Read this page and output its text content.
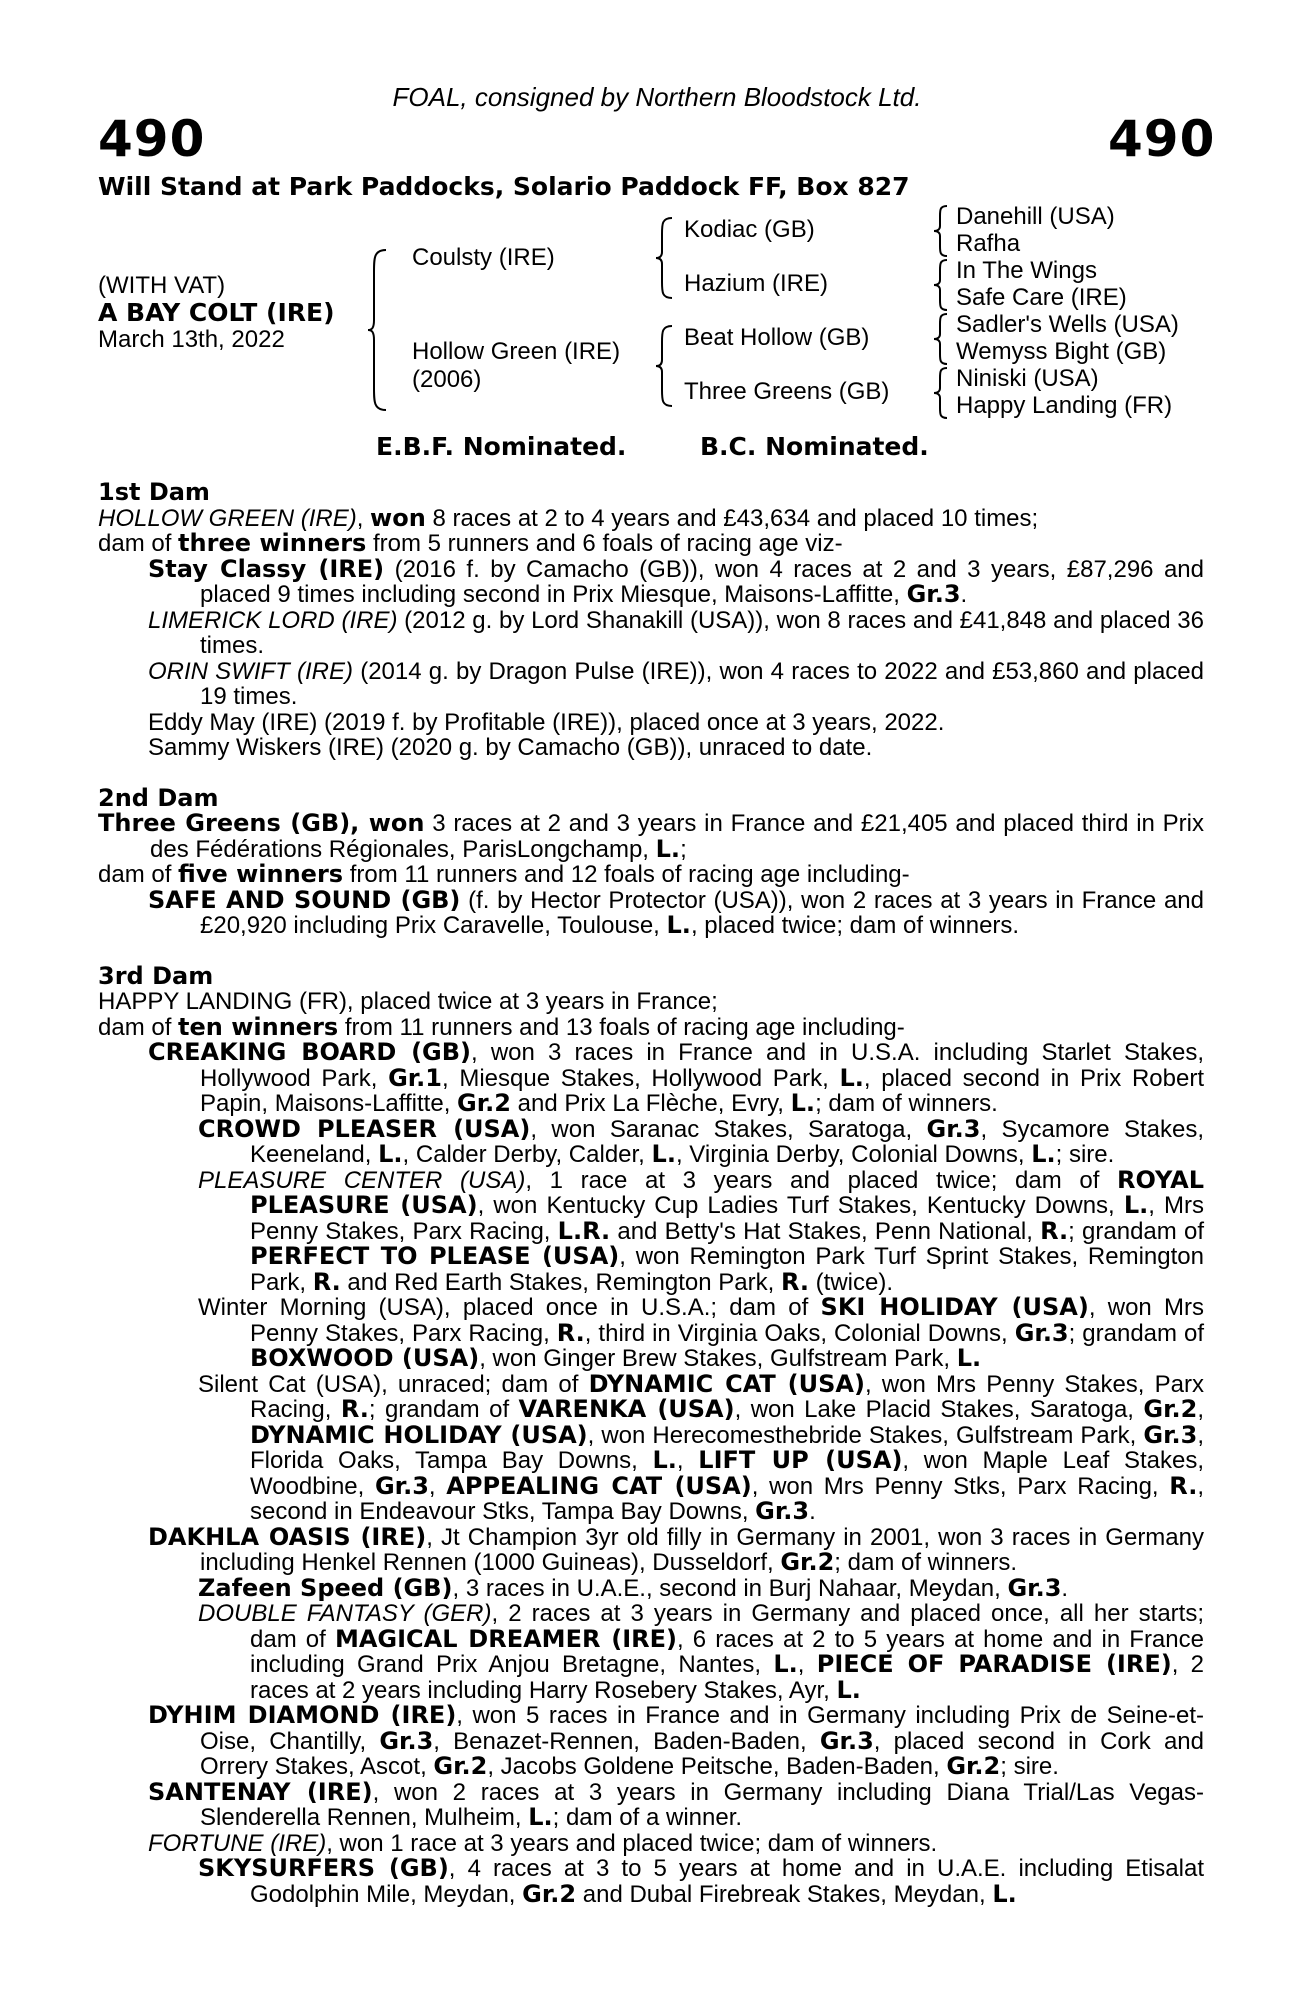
FOAL, consigned by Northern Bloodstock Ltd.
490	490
Will Stand at Park Paddocks, Solario Paddock FF, Box 827
(WITH VAT)
A BAY COLT (IRE)
March 13th, 2022
Coulsty (IRE)
Hollow Green (IRE)
(2006)
Kodiac (GB)
Hazium (IRE)
Beat Hollow (GB)
Three Greens (GB)
Danehill (USA)
Rafha
In The Wings
Safe Care (IRE)
Sadler's Wells (USA)
Wemyss Bight (GB)
Niniski (USA)
Happy Landing (FR)
E.B.F. Nominated.	B.C. Nominated.

1st Dam

HOLLOW GREEN (IRE), won 8 races at 2 to 4 years and £43,634 and placed 10 times;

dam of three winners from 5 runners and 6 foals of racing age viz-

Stay Classy (IRE) (2016 f. by Camacho (GB)), won 4 races at 2 and 3 years, £87,296 and placed 9 times including second in Prix Miesque, Maisons-Laffitte, Gr.3.

LIMERICK LORD (IRE) (2012 g. by Lord Shanakill (USA)), won 8 races and £41,848 and placed 36 times.

ORIN SWIFT (IRE) (2014 g. by Dragon Pulse (IRE)), won 4 races to 2022 and £53,860 and placed 19 times.

Eddy May (IRE) (2019 f. by Profitable (IRE)), placed once at 3 years, 2022.

Sammy Wiskers (IRE) (2020 g. by Camacho (GB)), unraced to date.

2nd Dam

Three Greens (GB), won 3 races at 2 and 3 years in France and £21,405 and placed third in Prix des Fédérations Régionales, ParisLongchamp, L.;

dam of five winners from 11 runners and 12 foals of racing age including-

SAFE AND SOUND (GB) (f. by Hector Protector (USA)), won 2 races at 3 years in France and £20,920 including Prix Caravelle, Toulouse, L., placed twice; dam of winners.

3rd Dam

HAPPY LANDING (FR), placed twice at 3 years in France;

dam of ten winners from 11 runners and 13 foals of racing age including-

CREAKING BOARD (GB), won 3 races in France and in U.S.A. including Starlet Stakes, Hollywood Park, Gr.1, Miesque Stakes, Hollywood Park, L., placed second in Prix Robert Papin, Maisons-Laffitte, Gr.2 and Prix La Flèche, Evry, L.; dam of winners.

CROWD PLEASER (USA), won Saranac Stakes, Saratoga, Gr.3, Sycamore Stakes, Keeneland, L., Calder Derby, Calder, L., Virginia Derby, Colonial Downs, L.; sire.

PLEASURE CENTER (USA), 1 race at 3 years and placed twice; dam of ROYAL PLEASURE (USA), won Kentucky Cup Ladies Turf Stakes, Kentucky Downs, L., Mrs Penny Stakes, Parx Racing, L.R. and Betty's Hat Stakes, Penn National, R.; grandam of PERFECT TO PLEASE (USA), won Remington Park Turf Sprint Stakes, Remington Park, R. and Red Earth Stakes, Remington Park, R. (twice).

Winter Morning (USA), placed once in U.S.A.; dam of SKI HOLIDAY (USA), won Mrs Penny Stakes, Parx Racing, R., third in Virginia Oaks, Colonial Downs, Gr.3; grandam of BOXWOOD (USA), won Ginger Brew Stakes, Gulfstream Park, L.

Silent Cat (USA), unraced; dam of DYNAMIC CAT (USA), won Mrs Penny Stakes, Parx Racing, R.; grandam of VARENKA (USA), won Lake Placid Stakes, Saratoga, Gr.2, DYNAMIC HOLIDAY (USA), won Herecomesthebride Stakes, Gulfstream Park, Gr.3, Florida Oaks, Tampa Bay Downs, L., LIFT UP (USA), won Maple Leaf Stakes, Woodbine, Gr.3, APPEALING CAT (USA), won Mrs Penny Stks, Parx Racing, R., second in Endeavour Stks, Tampa Bay Downs, Gr.3.

DAKHLA OASIS (IRE), Jt Champion 3yr old filly in Germany in 2001, won 3 races in Germany including Henkel Rennen (1000 Guineas), Dusseldorf, Gr.2; dam of winners.

Zafeen Speed (GB), 3 races in U.A.E., second in Burj Nahaar, Meydan, Gr.3.

DOUBLE FANTASY (GER), 2 races at 3 years in Germany and placed once, all her starts; dam of MAGICAL DREAMER (IRE), 6 races at 2 to 5 years at home and in France including Grand Prix Anjou Bretagne, Nantes, L., PIECE OF PARADISE (IRE), 2 races at 2 years including Harry Rosebery Stakes, Ayr, L.

DYHIM DIAMOND (IRE), won 5 races in France and in Germany including Prix de Seine-et-Oise, Chantilly, Gr.3, Benazet-Rennen, Baden-Baden, Gr.3, placed second in Cork and Orrery Stakes, Ascot, Gr.2, Jacobs Goldene Peitsche, Baden-Baden, Gr.2; sire.

SANTENAY (IRE), won 2 races at 3 years in Germany including Diana Trial/Las Vegas-Slenderella Rennen, Mulheim, L.; dam of a winner.

FORTUNE (IRE), won 1 race at 3 years and placed twice; dam of winners.

SKYSURFERS (GB), 4 races at 3 to 5 years at home and in U.A.E. including Etisalat Godolphin Mile, Meydan, Gr.2 and Dubal Firebreak Stakes, Meydan, L.
